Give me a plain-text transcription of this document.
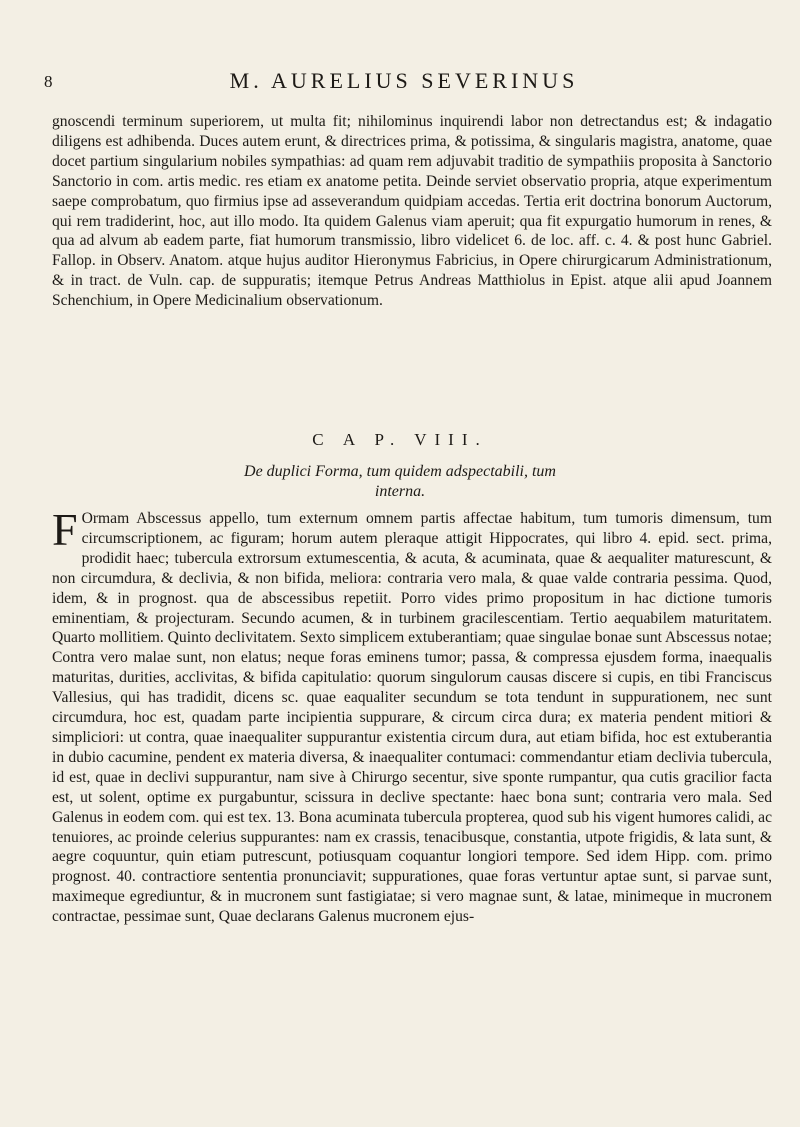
8	M. AURELIUS SEVERINUS
gnoscendi terminum superiorem, ut multa fit; nihilominus inquirendi labor non detrectandus est; & indagatio diligens est adhibenda. Duces autem erunt, & directrices prima, & potissima, & singularis magistra, anatome, quae docet partium singularium nobiles sympathias: ad quam rem adjuvabit traditio de sympathiis proposita à Sanctorio Sanctorio in com. artis medic. res etiam ex anatome petita. Deinde serviet observatio propria, atque experimentum saepe comprobatum, quo firmius ipse ad asseverandum quidpiam accedas. Tertia erit doctrina bonorum Auctorum, qui rem tradiderint, hoc, aut illo modo. Ita quidem Galenus viam aperuit; qua fit expurgatio humorum in renes, & qua ad alvum ab eadem parte, fiat humorum transmissio, libro videlicet 6. de loc. aff. c. 4. & post hunc Gabriel. Fallop. in Observ. Anatom. atque hujus auditor Hieronymus Fabricius, in Opere chirurgicarum Administrationum, & in tract. de Vuln. cap. de suppuratis; itemque Petrus Andreas Matthiolus in Epist. atque alii apud Joannem Schenchium, in Opere Medicinalium observationum.
C A P. VIII.
De duplici Forma, tum quidem adspectabili, tum
interna.
F Ormam Abscessus appello, tum externum omnem partis affectae habitum, tum tumoris dimensum, tum circumscriptionem, ac figuram; horum autem pleraque attigit Hippocrates, qui libro 4. epid. sect. prima, prodidit haec; tubercula extrorsum extumescentia, & acuta, & acuminata, quae & aequaliter maturescunt, & non circumdura, & declivia, & non bifida, meliora: contraria vero mala, & quae valde contraria pessima. Quod, idem, & in prognost. qua de abscessibus repetiit. Porro vides primo propositum in hac dictione tumoris eminentiam, & projecturam. Secundo acumen, & in turbinem gracilescentiam. Tertio aequabilem maturitatem. Quarto mollitiem. Quinto declivitatem. Sexto simplicem extuberantiam; quae singulae bonae sunt Abscessus notae; Contra vero malae sunt, non elatus; neque foras eminens tumor; passa, & compressa ejusdem forma, inaequalis maturitas, durities, acclivitas, & bifida capitulatio: quorum singulorum causas discere si cupis, en tibi Franciscus Vallesius, qui has tradidit, dicens sc. quae eaqualiter secundum se tota tendunt in suppurationem, nec sunt circumdura, hoc est, quadam parte incipientia suppurare, & circum circa dura; ex materia pendent mitiori & simpliciori: ut contra, quae inaequaliter suppurantur existentia circum dura, aut etiam bifida, hoc est extuberantia in dubio cacumine, pendent ex materia diversa, & inaequaliter contumaci: commendantur etiam declivia tubercula, id est, quae in declivi suppurantur, nam sive à Chirurgo secentur, sive sponte rumpantur, qua cutis gracilior facta est, ut solent, optime ex purgabuntur, scissura in declive spectante: haec bona sunt; contraria vero mala. Sed Galenus in eodem com. qui est tex. 13. Bona acuminata tubercula propterea, quod sub his vigent humores calidi, ac tenuiores, ac proinde celerius suppurantes: nam ex crassis, tenacibusque, constantia, utpote frigidis, & lata sunt, & aegre coquuntur, quin etiam putrescunt, potiusquam coquantur longiori tempore. Sed idem Hipp. com. primo prognost. 40. contractiore sententia pronunciavit; suppurationes, quae foras vertuntur aptae sunt, si parvae sunt, maximeque egrediuntur, & in mucronem sunt fastigiatae; si vero magnae sunt, & latae, minimeque in mucronem contractae, pessimae sunt, Quae declarans Galenus mucronem ejus-
